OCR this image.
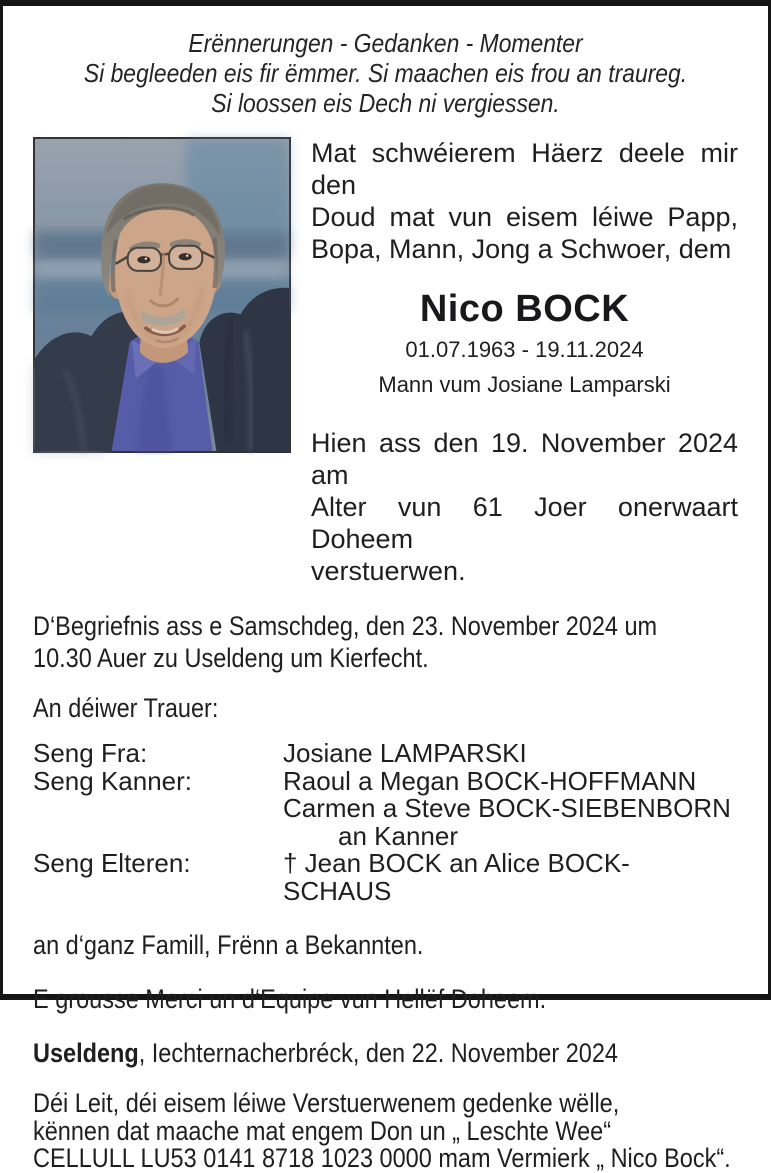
Erënnerungen - Gedanken - Momenter
Si begleeden eis fir ëmmer. Si maachen eis frou an traureg.
Si loossen eis Dech ni vergiessen.

Mat schwéierem Häerz deele mir den
Doud mat vun eisem léiwe Papp,
Bopa, Mann, Jong a Schwoer, dem

Nico BOCK
01.07.1963 - 19.11.2024
Mann vum Josiane Lamparski

Hien ass den 19. November 2024 am
Alter vun 61 Joer onerwaart Doheem
verstuerwen.

D‘Begriefnis ass e Samschdeg, den 23. November 2024 um
10.30 Auer zu Useldeng um Kierfecht.
An déiwer Trauer:
Seng Fra:	Josiane LAMPARSKI
Seng Kanner:	Raoul a Megan BOCK-HOFFMANN
Carmen a Steve BOCK-SIEBENBORN
an Kanner
Seng Elteren:	† Jean BOCK an Alice BOCK-SCHAUS
an d‘ganz Famill, Frënn a Bekannten.
E grousse Merci un d‘Equipe vun Hellëf Doheem.
Useldeng, Iechternacherbréck, den 22. November 2024
Déi Leit, déi eisem léiwe Verstuerwenem gedenke wëlle,
kënnen dat maache mat engem Don un „ Leschte Wee“
CELLULL LU53 0141 8718 1023 0000 mam Vermierk „ Nico Bock“.
